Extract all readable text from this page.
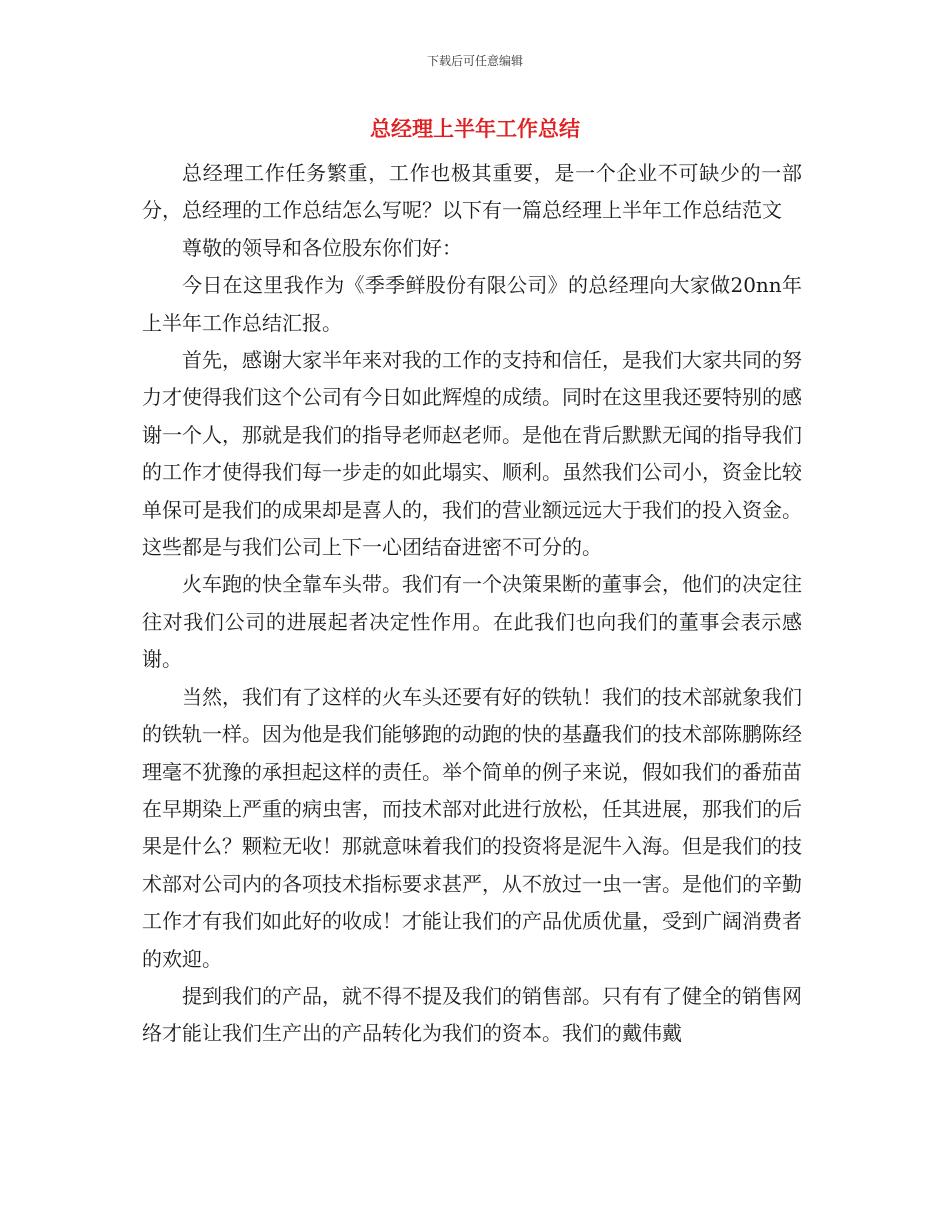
下载后可任意编辑
总经理上半年工作总结

总经理工作任务繁重，工作也极其重要，是一个企业不可缺少的一部分，总经理的工作总结怎么写呢？以下有一篇总经理上半年工作总结范文

尊敬的领导和各位股东你们好：

今日在这里我作为《季季鲜股份有限公司》的总经理向大家做20nn年上半年工作总结汇报。

首先，感谢大家半年来对我的工作的支持和信任，是我们大家共同的努力才使得我们这个公司有今日如此辉煌的成绩。同时在这里我还要特别的感谢一个人，那就是我们的指导老师赵老师。是他在背后默默无闻的指导我们的工作才使得我们每一步走的如此塌实、顺利。虽然我们公司小，资金比较单保可是我们的成果却是喜人的，我们的营业额远远大于我们的投入资金。这些都是与我们公司上下一心团结奋进密不可分的。

火车跑的快全靠车头带。我们有一个决策果断的董事会，他们的决定往往对我们公司的进展起者决定性作用。在此我们也向我们的董事会表示感谢。

当然，我们有了这样的火车头还要有好的铁轨！我们的技术部就象我们的铁轨一样。因为他是我们能够跑的动跑的快的基矗我们的技术部陈鹏陈经理毫不犹豫的承担起这样的责任。举个简单的例子来说，假如我们的番茄苗在早期染上严重的病虫害，而技术部对此进行放松，任其进展，那我们的后果是什么？颗粒无收！那就意味着我们的投资将是泥牛入海。但是我们的技术部对公司内的各项技术指标要求甚严，从不放过一虫一害。是他们的辛勤工作才有我们如此好的收成！才能让我们的产品优质优量，受到广阔消费者的欢迎。

提到我们的产品，就不得不提及我们的销售部。只有有了健全的销售网络才能让我们生产出的产品转化为我们的资本。我们的戴伟戴
